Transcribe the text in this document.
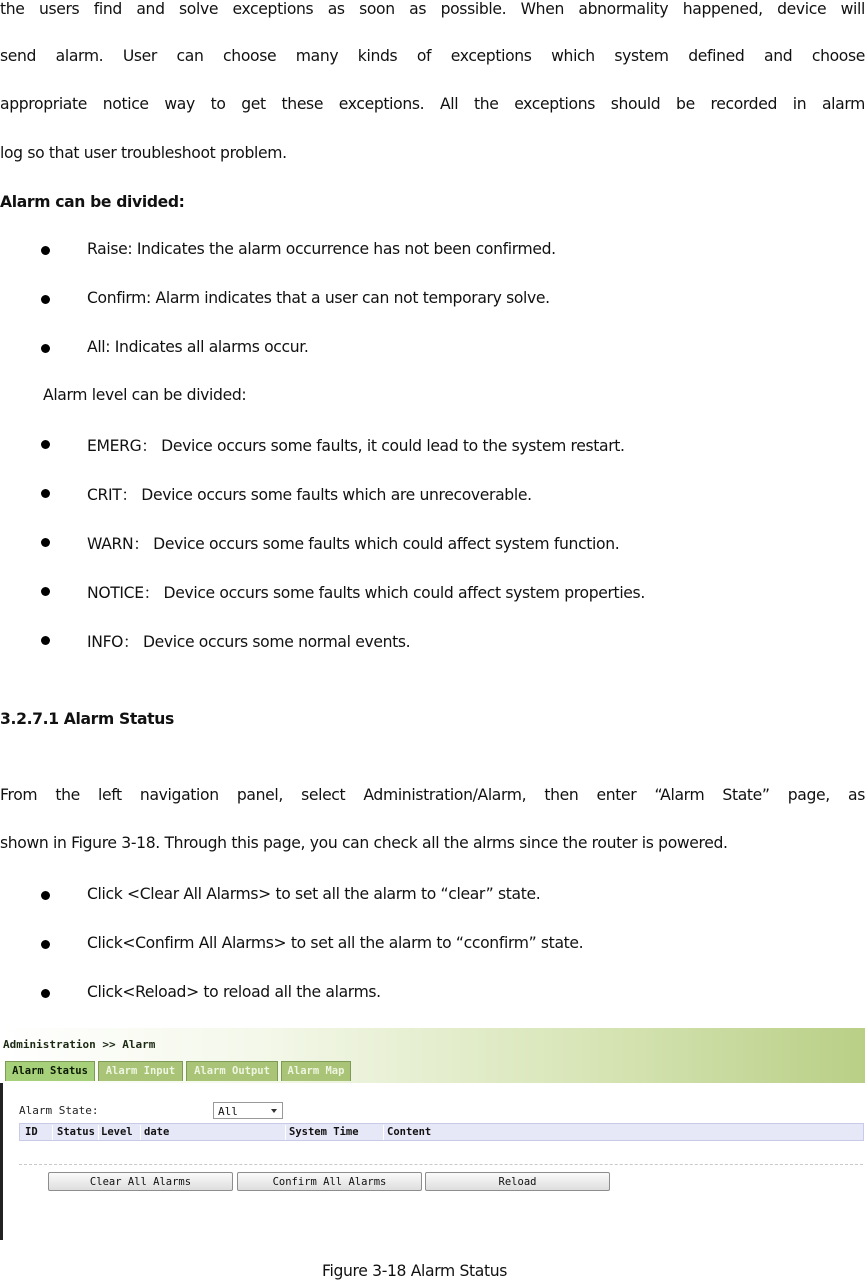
the users find and solve exceptions as soon as possible. When abnormality happened, device will
send alarm. User can choose many kinds of exceptions which system defined and choose
appropriate notice way to get these exceptions. All the exceptions should be recorded in alarm
log so that user troubleshoot problem.
Alarm can be divided:
Raise: Indicates the alarm occurrence has not been confirmed.
Confirm: Alarm indicates that a user can not temporary solve.
All: Indicates all alarms occur.
Alarm level can be divided:
EMERG： Device occurs some faults, it could lead to the system restart.
CRIT： Device occurs some faults which are unrecoverable.
WARN： Device occurs some faults which could affect system function.
NOTICE： Device occurs some faults which could affect system properties.
INFO： Device occurs some normal events.
3.2.7.1 Alarm Status
From the left navigation panel, select Administration/Alarm, then enter “Alarm State” page, as
shown in Figure 3-18. Through this page, you can check all the alrms since the router is powered.
Click <Clear All Alarms> to set all the alarm to “clear” state.
Click<Confirm All Alarms> to set all the alarm to “cconfirm” state.
Click<Reload> to reload all the alarms.
Administration >> Alarm
Alarm Status	Alarm Input	Alarm Output	Alarm Map
Alarm State:	All
ID Status Level date	System Time	Content
Clear All Alarms	Confirm All Alarms	Reload
Figure 3-18 Alarm Status
